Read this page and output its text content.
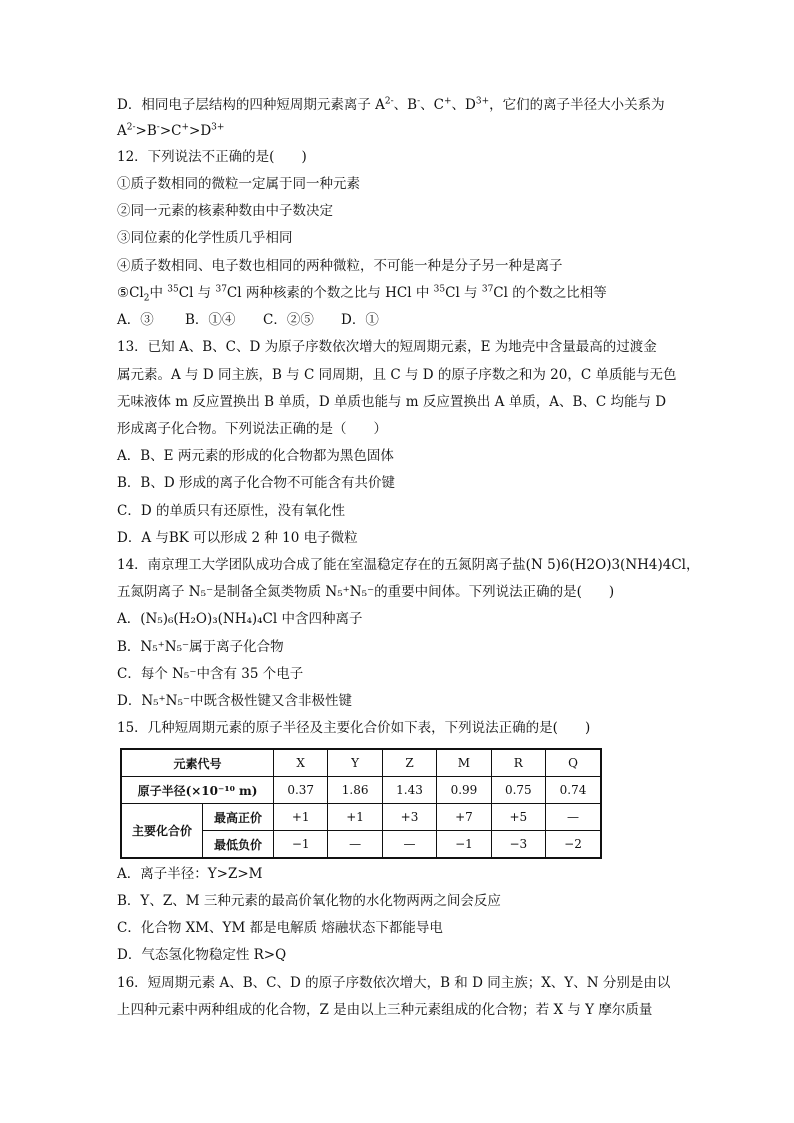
D．相同电子层结构的四种短周期元素离子 $A^{2-}$、B-、C+、$D^{3+}$，它们的离子半径大小关系为
$A^{2-}>B^->C^+>D^{3+}$
12．下列说法不正确的是(　　)
①质子数相同的微粒一定属于同一种元素
②同一元素的核素种数由中子数决定
③同位素的化学性质几乎相同
④质子数相同、电子数也相同的两种微粒，不可能一种是分子另一种是离子
$⑤Cl_2$中 $^{35}$Cl 与 $^{37}$Cl 两种核素的个数之比与 HCl 中 $^{35}$Cl 与 $^{37}$Cl 的个数之比相等
A．③ B．①④ C．②⑤ D．①
13．已知 A、B、C、D 为原子序数依次增大的短周期元素，E 为地壳中含量最高的过渡金
属元素。A 与 D 同主族，B 与 C 同周期，且 C 与 D 的原子序数之和为 20，C 单质能与无色
无味液体 m 反应置换出 B 单质，D 单质也能与 m 反应置换出 A 单质，A、B、C 均能与 D
形成离子化合物。下列说法正确的是（　　）
A．B、E 两元素的形成的化合物都为黑色固体
B．B、D 形成的离子化合物不可能含有共价键
C．D 的单质只有还原性，没有氧化性
D．A 与BK 可以形成 2 种 10 电子微粒
14．南京理工大学团队成功合成了能在室温稳定存在的五氮阴离子盐(N 5)6(H2O)3(NH4)4Cl，
五氮阴离子 N₅⁻是制备全氮类物质 N₅⁺N₅⁻的重要中间体。下列说法正确的是(　　)
A．(N₅)₆(H₂O)₃(NH₄)₄Cl 中含四种离子
B．N₅⁺N₅⁻属于离子化合物
C．每个 N₅⁻中含有 35 个电子
D．N₅⁺N₅⁻中既含极性键又含非极性键
15．几种短周期元素的原子半径及主要化合价如下表，下列说法正确的是(　　)
元素代号		X	Y	Z	M	R	Q
原子半径(×10⁻¹⁰ m)		0.37	1.86	1.43	0.99	0.75	0.74
主要化合价	最高正价	+1	+1	+3	+7	+5	—
	最低负价	−1	—	—	−1	−3	−2
A．离子半径：Y>Z>M
B．Y、Z、M 三种元素的最高价氧化物的水化物两两之间会反应
C．化合物 XM、YM 都是电解质 熔融状态下都能导电
D．气态氢化物稳定性 R>Q
16．短周期元素 A、B、C、D 的原子序数依次增大，B 和 D 同主族；X、Y、N 分别是由以
上四种元素中两种组成的化合物，Z 是由以上三种元素组成的化合物；若 X 与 Y 摩尔质量
